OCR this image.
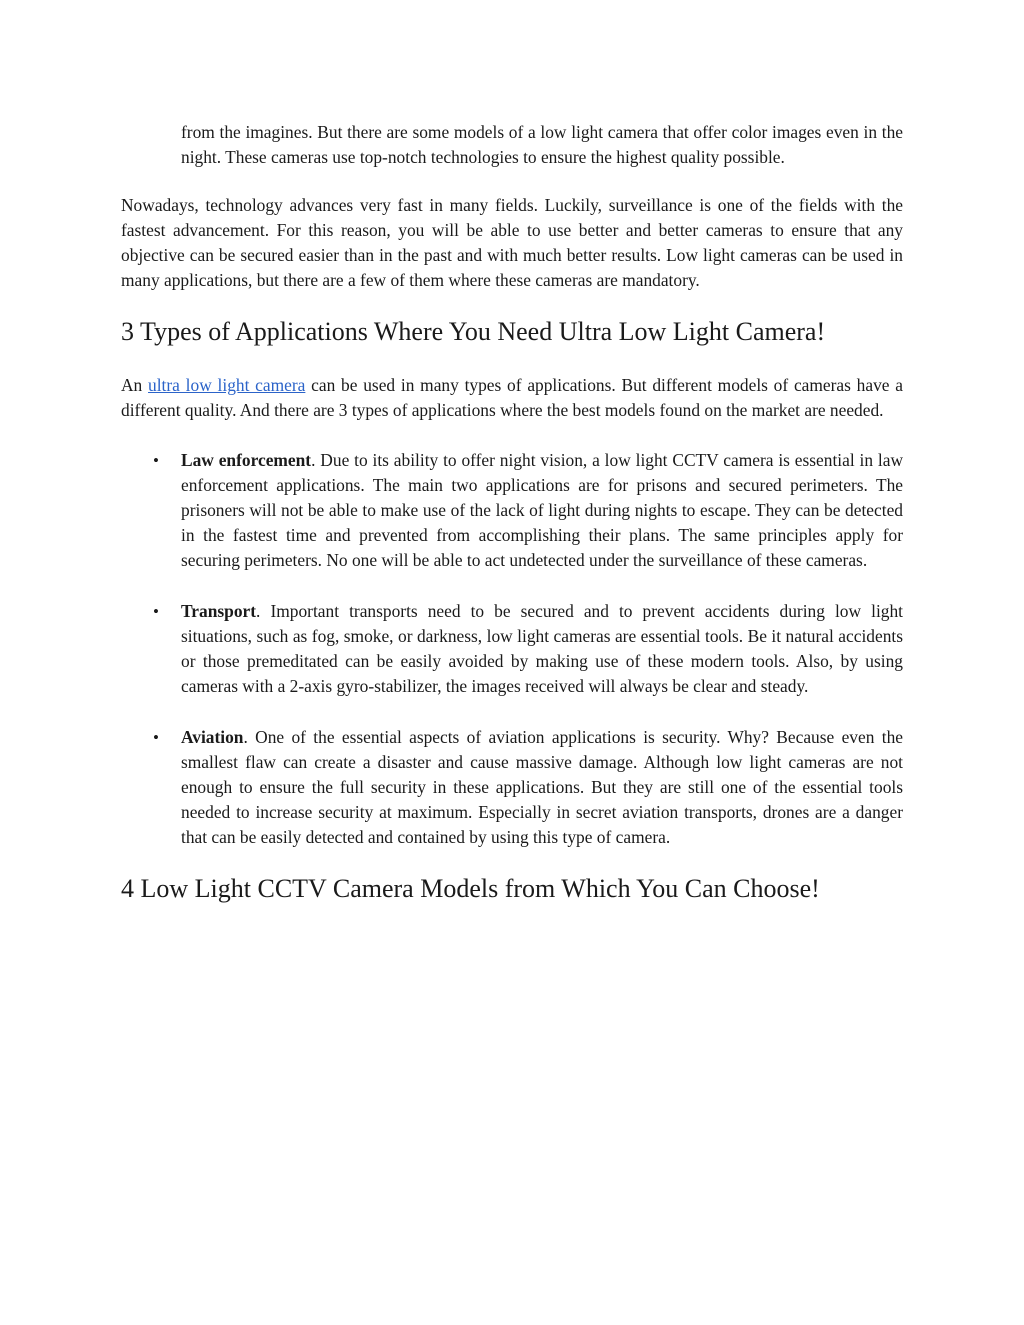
from the imagines. But there are some models of a low light camera that offer color images even in the night. These cameras use top-notch technologies to ensure the highest quality possible.

Nowadays, technology advances very fast in many fields. Luckily, surveillance is one of the fields with the fastest advancement. For this reason, you will be able to use better and better cameras to ensure that any objective can be secured easier than in the past and with much better results. Low light cameras can be used in many applications, but there are a few of them where these cameras are mandatory.

3 Types of Applications Where You Need Ultra Low Light Camera!

An ultra low light camera can be used in many types of applications. But different models of cameras have a different quality. And there are 3 types of applications where the best models found on the market are needed.

• Law enforcement. Due to its ability to offer night vision, a low light CCTV camera is essential in law enforcement applications. The main two applications are for prisons and secured perimeters. The prisoners will not be able to make use of the lack of light during nights to escape. They can be detected in the fastest time and prevented from accomplishing their plans. The same principles apply for securing perimeters. No one will be able to act undetected under the surveillance of these cameras.
• Transport. Important transports need to be secured and to prevent accidents during low light situations, such as fog, smoke, or darkness, low light cameras are essential tools. Be it natural accidents or those premeditated can be easily avoided by making use of these modern tools. Also, by using cameras with a 2-axis gyro-stabilizer, the images received will always be clear and steady.
• Aviation. One of the essential aspects of aviation applications is security. Why? Because even the smallest flaw can create a disaster and cause massive damage. Although low light cameras are not enough to ensure the full security in these applications. But they are still one of the essential tools needed to increase security at maximum. Especially in secret aviation transports, drones are a danger that can be easily detected and contained by using this type of camera.
4 Low Light CCTV Camera Models from Which You Can Choose!
